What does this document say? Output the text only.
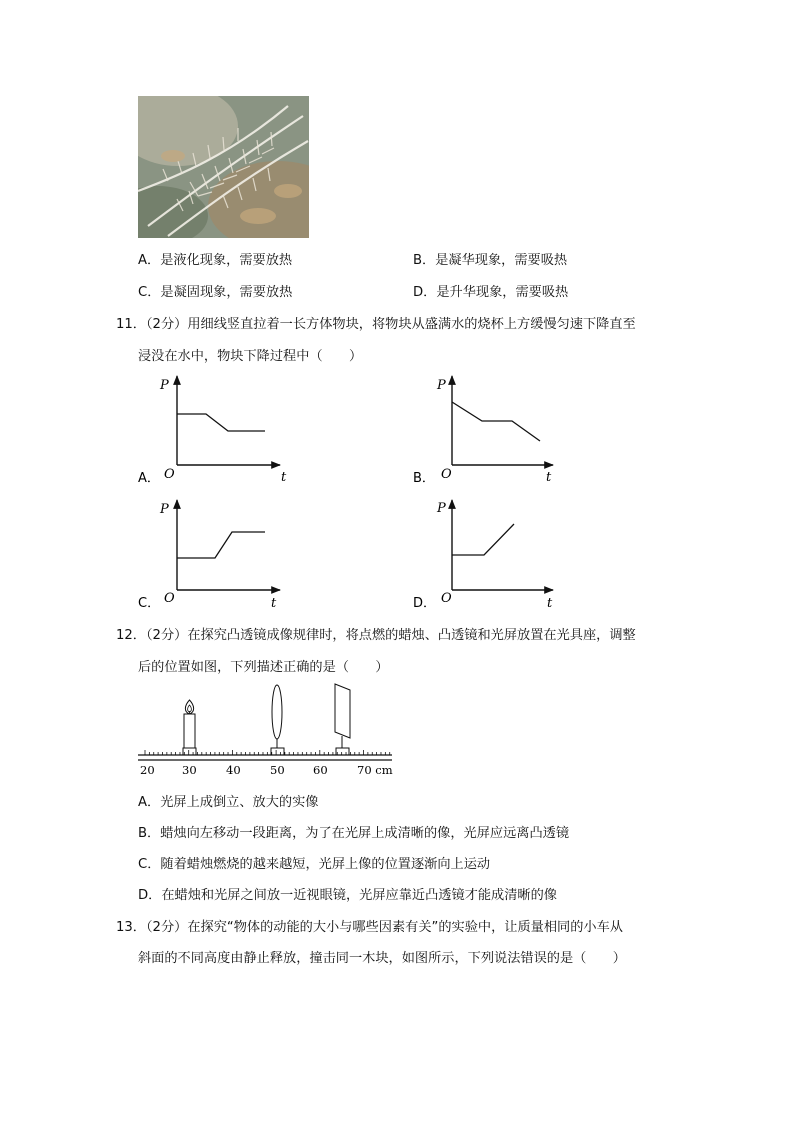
A．是液化现象，需要放热	B．是凝华现象，需要吸热
C．是凝固现象，需要放热	D．是升华现象，需要吸热
11．（2分）用细线竖直拉着一长方体物块，将物块从盛满水的烧杯上方缓慢匀速下降直至
浸没在水中，物块下降过程中（　　）
P
O	t
A．
P
O	t
B．
P
O	t
C．
P
O	t
D．
12．（2分）在探究凸透镜成像规律时，将点燃的蜡烛、凸透镜和光屏放置在光具座，调整
后的位置如图，下列描述正确的是（　　）
20 30	40	50 60	70 cm
A．光屏上成倒立、放大的实像
B．蜡烛向左移动一段距离，为了在光屏上成清晰的像，光屏应远离凸透镜
C．随着蜡烛燃烧的越来越短，光屏上像的位置逐渐向上运动
D．在蜡烛和光屏之间放一近视眼镜，光屏应靠近凸透镜才能成清晰的像
13．（2分）在探究“物体的动能的大小与哪些因素有关”的实验中，让质量相同的小车从
斜面的不同高度由静止释放，撞击同一木块，如图所示，下列说法错误的是（　　）
